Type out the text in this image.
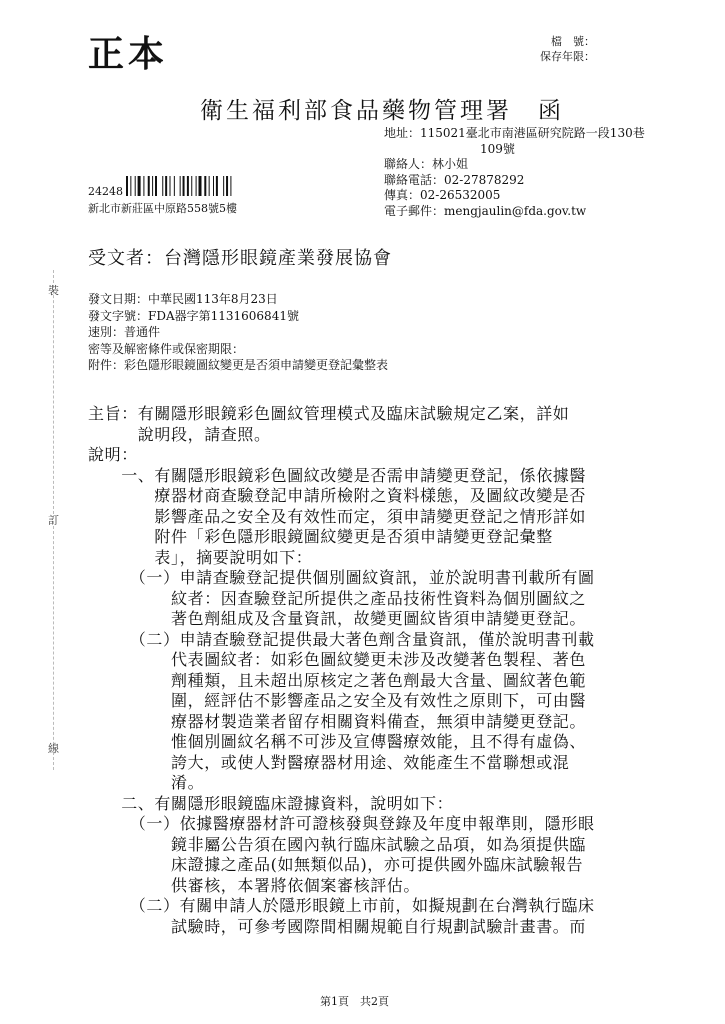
正本	檔　號：
保存年限：
衛生福利部食品藥物管理署　函
地址：115021臺北市南港區研究院路一段130巷
109號
聯絡人：林小姐
聯絡電話：02-27878292
傳真：02-26532005
電子郵件：mengjaulin@fda.gov.tw
24248
新北市新莊區中原路558號5樓
受文者：台灣隱形眼鏡產業發展協會
發文日期：中華民國113年8月23日
發文字號：FDA器字第1131606841號
速別：普通件
密等及解密條件或保密期限：
附件：彩色隱形眼鏡圖紋變更是否須申請變更登記彙整表
裝
訂
線
主旨：有關隱形眼鏡彩色圖紋管理模式及臨床試驗規定乙案，詳如
　　　說明段，請查照。
說明：
　　一、有關隱形眼鏡彩色圖紋改變是否需申請變更登記，係依據醫
　　　　療器材商查驗登記申請所檢附之資料樣態，及圖紋改變是否
　　　　影響產品之安全及有效性而定，須申請變更登記之情形詳如
　　　　附件「彩色隱形眼鏡圖紋變更是否須申請變更登記彙整
　　　　表」，摘要說明如下：
　　　（一）申請查驗登記提供個別圖紋資訊，並於說明書刊載所有圖
　　　　　紋者：因查驗登記所提供之產品技術性資料為個別圖紋之
　　　　　著色劑組成及含量資訊，故變更圖紋皆須申請變更登記。
　　　（二）申請查驗登記提供最大著色劑含量資訊，僅於說明書刊載
　　　　　代表圖紋者：如彩色圖紋變更未涉及改變著色製程、著色
　　　　　劑種類，且未超出原核定之著色劑最大含量、圖紋著色範
　　　　　圍，經評估不影響產品之安全及有效性之原則下，可由醫
　　　　　療器材製造業者留存相關資料備查，無須申請變更登記。
　　　　　惟個別圖紋名稱不可涉及宣傳醫療效能，且不得有虛偽、
　　　　　誇大，或使人對醫療器材用途、效能產生不當聯想或混
　　　　　淆。
　　二、有關隱形眼鏡臨床證據資料，說明如下：
　　　（一）依據醫療器材許可證核發與登錄及年度申報準則，隱形眼
　　　　　鏡非屬公告須在國內執行臨床試驗之品項，如為須提供臨
　　　　　床證據之產品(如無類似品)，亦可提供國外臨床試驗報告
　　　　　供審核，本署將依個案審核評估。
　　　（二）有關申請人於隱形眼鏡上市前，如擬規劃在台灣執行臨床
　　　　　試驗時，可參考國際間相關規範自行規劃試驗計畫書。而
第1頁　共2頁
